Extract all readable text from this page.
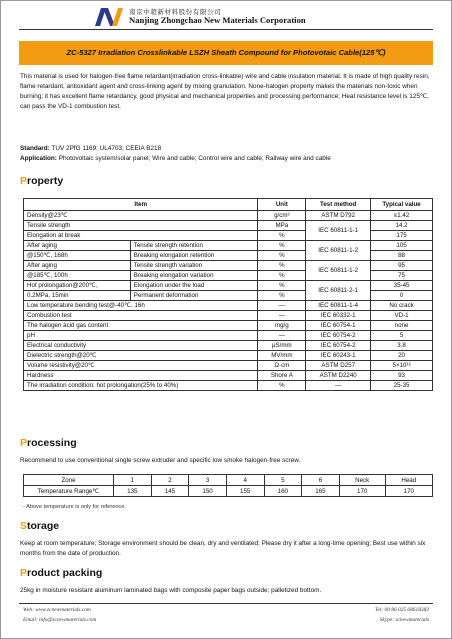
南京中超新材料股份有限公司
Nanjing Zhongchao New Materials Corporation
ZC-5327 Irradiation Crosslinkable LSZH Sheath Compound for Photovotaic Cable(125℃)
This material is used for halogen-free flame retardant(irradiation cross-linkable) wire and cable insulation material. It is made of high quality resin, flame retardant, antioxidant agent and cross-linking agent by mixing granulation. None-halogen property makes the materials non-toxic when burning; it has excellent flame retardancy, good physical and mechanical properties and processing performance; Heat resistance level is 125℃, can pass the VD-1 combustion test.
Standard: TUV 2PfG 1169; UL4703; CEEIA B218
Application: Photovoltaic system/solar panel; Wire and cable; Control wire and cable; Railway wire and cable
Property
Item		Unit	Test method	Typical value
Density@23℃		g/cm³	ASTM D792	≤1.42
Tensile strength		MPa	IEC 60811-1-1	14.2
Elongation at break		%		175
After aging	Tensile strength retention	%	IEC 60811-1-2	105
@150℃, 168h	Breaking elongation retention	%		88
After aging	Tensile strength variation	%	IEC 60811-1-2	95
@185℃, 100h	Breaking elongation variation	%		75
Hot prolongation@200℃,	Elongation under the load	%	IEC 60811-2-1	35-45
0.2MPa, 15min	Permanent deformation	%		0
Low temperature bending test@-40℃, 16h		—	IEC 60811-1-4	No crack
Combustion test		—	IEC 60332-1	VD-1
The halogen acid gas content		mg/g	IEC 60754-1	none
pH		—	IEC 60754-2	5
Electrical conductivity		μS/mm	IEC 60754-2	3.8
Dielectric strength@20℃		MV/mm	IEC 60243-1	20
Volume resistivity@20℃		Ω·cm	ASTM D257	5×10¹³
Hardness		Shore A	ASTM D2240	93
The irradiation condition: hot prolongation(25% to 40%)		%	—	25-35
Processing
Recommend to use conventional single screw extruder and specific low smoke halogen-free screw.
Zone	1	2	3	4	5	6	Neck	Head
Temperature Range℃	135	145	150	155	160	165	170	170
- Above temperature is only for reference.
Storage
Keep at room temperature; Storage environment should be clean, dry and ventilated; Please dry it after a long-time opening; Best use within six months from the date of production.
Product packing
25kg in moisture resistant aluminum laminated bags with composite paper bags outside; palletized bottom.
Web: www.zcnewmaterials.com
Email: info@zcnewmaterials.com
Tel: 00 86 025 68618383
Skype: zcnewmaterials
